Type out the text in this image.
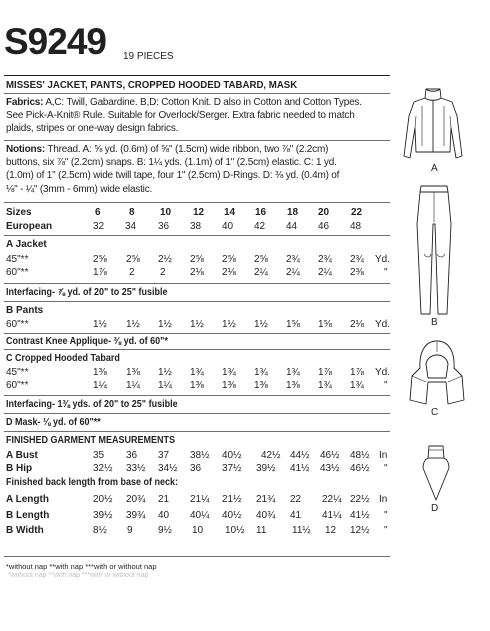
S9249 19 PIECES
MISSES' JACKET, PANTS, CROPPED HOODED TABARD, MASK
Fabrics: A,C: Twill, Gabardine. B,D: Cotton Knit. D also in Cotton and Cotton Types.
See Pick-A-Knit® Rule. Suitable for Overlock/Serger. Extra fabric needed to match
plaids, stripes or one-way design fabrics.
Notions: Thread. A: ⅝ yd. (0.6m) of ⅝" (1.5cm) wide ribbon, two ⅞" (2.2cm)
buttons, six ⅞" (2.2cm) snaps. B: 1¼ yds. (1.1m) of 1" (2.5cm) elastic. C: 1 yd.
(1.0m) of 1" (2.5cm) wide twill tape, four 1" (2.5cm) D-Rings. D: ⅜ yd. (0.4m) of
⅛" - ¼" (3mm - 6mm) wide elastic.
Sizes	6	8	10 12 14 16 18 20 22
European	32 34 36 38 40 42 44 46 48
A Jacket
45"**	2⅝ 2⅝ 2½ 2⅝ 2⅝ 2⅝ 2¾ 2¾ 2¾ Yd.
60"**	1⅞ 2	2 2⅛ 2⅛ 2¼ 2¼ 2¼ 2⅜ "
Interfacing- ⅞ yd. of 20" to 25" fusible
B Pants
60"**	1½ 1½ 1½ 1½ 1½ 1½ 1⅝ 1⅝ 2⅛ Yd.
Contrast Knee Applique- ⅜ yd. of 60"*
C Cropped Hooded Tabard
45"**	1⅜ 1⅜ 1½ 1¾ 1¾ 1¾ 1¾ 1⅞ 1⅞ Yd.
60"**	1¼ 1¼ 1¼ 1⅜ 1⅜ 1⅜ 1⅜ 1¾ 1¾ "
Interfacing- 1⅜ yds. of 20" to 25" fusible
D Mask- ⅛ yd. of 60"**
FINISHED GARMENT MEASUREMENTS
A Bust	35 36 37 38½ 40½ 42½ 44½ 46½ 48½ In
B Hip	32½ 33½ 34½ 36 37½ 39½ 41½ 43½ 46½ "
Finished back length from base of neck:
A Length	20½ 20¾ 21 21¼ 21½ 21¾ 22 22¼ 22½ In
B Length	39½ 39¾ 40 40¼ 40½ 40¾ 41 41¼ 41½ "
B Width	8½ 9	9½ 10 10½ 11	11½ 12 12½ "
*without nap **with nap ***with or without nap
*without nap **with nap ***with or without nap
A
B
C
D
